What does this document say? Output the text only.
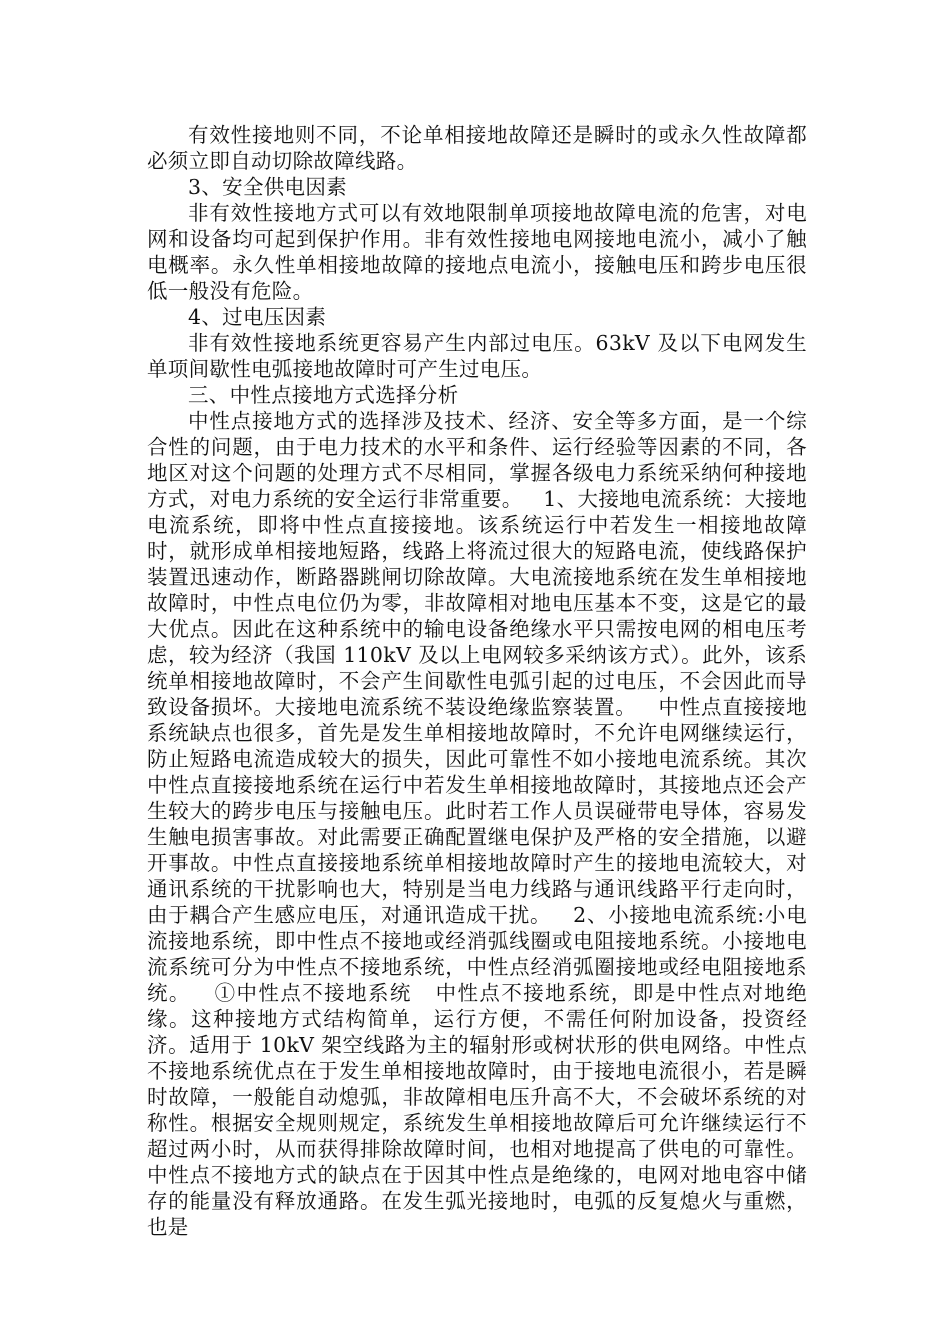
有效性接地则不同，不论单相接地故障还是瞬时的或永久性故障都必须立即自动切除故障线路。

3、安全供电因素

非有效性接地方式可以有效地限制单项接地故障电流的危害，对电网和设备均可起到保护作用。非有效性接地电网接地电流小，减小了触电概率。永久性单相接地故障的接地点电流小，接触电压和跨步电压很低一般没有危险。

4、过电压因素

非有效性接地系统更容易产生内部过电压。63kV 及以下电网发生单项间歇性电弧接地故障时可产生过电压。

三、中性点接地方式选择分析

中性点接地方式的选择涉及技术、经济、安全等多方面，是一个综合性的问题，由于电力技术的水平和条件、运行经验等因素的不同，各地区对这个问题的处理方式不尽相同，掌握各级电力系统采纳何种接地方式，对电力系统的安全运行非常重要。   1、大接地电流系统：大接地电流系统，即将中性点直接接地。该系统运行中若发生一相接地故障时，就形成单相接地短路，线路上将流过很大的短路电流，使线路保护装置迅速动作，断路器跳闸切除故障。大电流接地系统在发生单相接地故障时，中性点电位仍为零，非故障相对地电压基本不变，这是它的最大优点。因此在这种系统中的输电设备绝缘水平只需按电网的相电压考虑，较为经济（我国 110kV 及以上电网较多采纳该方式）。此外，该系统单相接地故障时，不会产生间歇性电弧引起的过电压，不会因此而导致设备损坏。大接地电流系统不装设绝缘监察装置。   中性点直接接地系统缺点也很多，首先是发生单相接地故障时，不允许电网继续运行，防止短路电流造成较大的损失，因此可靠性不如小接地电流系统。其次中性点直接接地系统在运行中若发生单相接地故障时，其接地点还会产生较大的跨步电压与接触电压。此时若工作人员误碰带电导体，容易发生触电损害事故。对此需要正确配置继电保护及严格的安全措施，以避开事故。中性点直接接地系统单相接地故障时产生的接地电流较大，对通讯系统的干扰影响也大，特别是当电力线路与通讯线路平行走向时，由于耦合产生感应电压，对通讯造成干扰。   2、小接地电流系统:小电流接地系统，即中性点不接地或经消弧线圈或电阻接地系统。小接地电流系统可分为中性点不接地系统，中性点经消弧圈接地或经电阻接地系统。   ①中性点不接地系统   中性点不接地系统，即是中性点对地绝缘。这种接地方式结构简单，运行方便，不需任何附加设备，投资经济。适用于 10kV 架空线路为主的辐射形或树状形的供电网络。中性点不接地系统优点在于发生单相接地故障时，由于接地电流很小，若是瞬时故障，一般能自动熄弧，非故障相电压升高不大，不会破坏系统的对称性。根据安全规则规定，系统发生单相接地故障后可允许继续运行不超过两小时，从而获得排除故障时间，也相对地提高了供电的可靠性。中性点不接地方式的缺点在于因其中性点是绝缘的，电网对地电容中储存的能量没有释放通路。在发生弧光接地时，电弧的反复熄火与重燃，也是
